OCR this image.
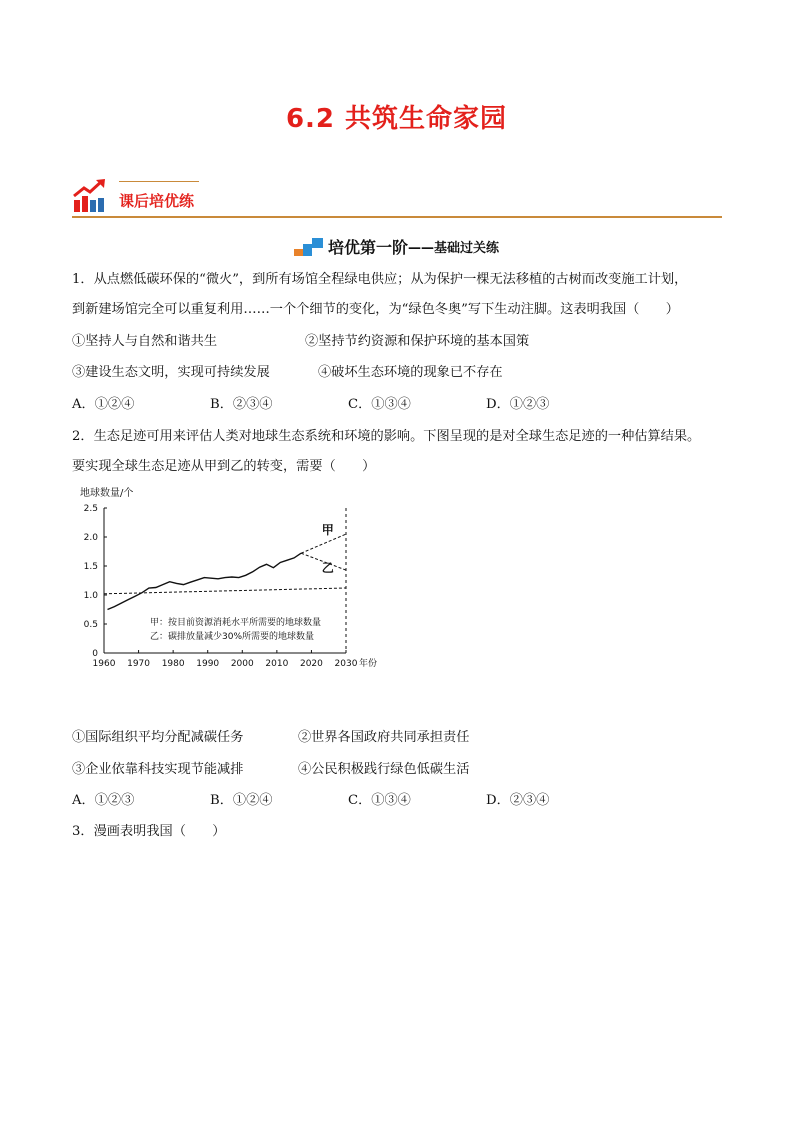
6.2 共筑生命家园
课后培优练
培优第一阶——基础过关练
1．从点燃低碳环保的“微火”，到所有场馆全程绿电供应；从为保护一棵无法移植的古树而改变施工计划，
到新建场馆完全可以重复利用……一个个细节的变化，为“绿色冬奥”写下生动注脚。这表明我国（　　）
①坚持人与自然和谐共生	②坚持节约资源和保护环境的基本国策
③建设生态文明，实现可持续发展	④破坏生态环境的现象已不存在
A．①②④	B．②③④	C．①③④	D．①②③
2．生态足迹可用来评估人类对地球生态系统和环境的影响。下图呈现的是对全球生态足迹的一种估算结果。
要实现全球生态足迹从甲到乙的转变，需要（　　）
地球数量/个
0
0.5
1.0
1.5
2.0
2.5
1960 1970 1980 1990 2000 2010 2020 2030
甲
乙
甲：按目前资源消耗水平所需要的地球数量
乙：碳排放量减少30%所需要的地球数量
年份
①国际组织平均分配减碳任务	②世界各国政府共同承担责任
③企业依靠科技实现节能减排	④公民积极践行绿色低碳生活
A．①②③	B．①②④	C．①③④	D．②③④
3．漫画表明我国（　　）
